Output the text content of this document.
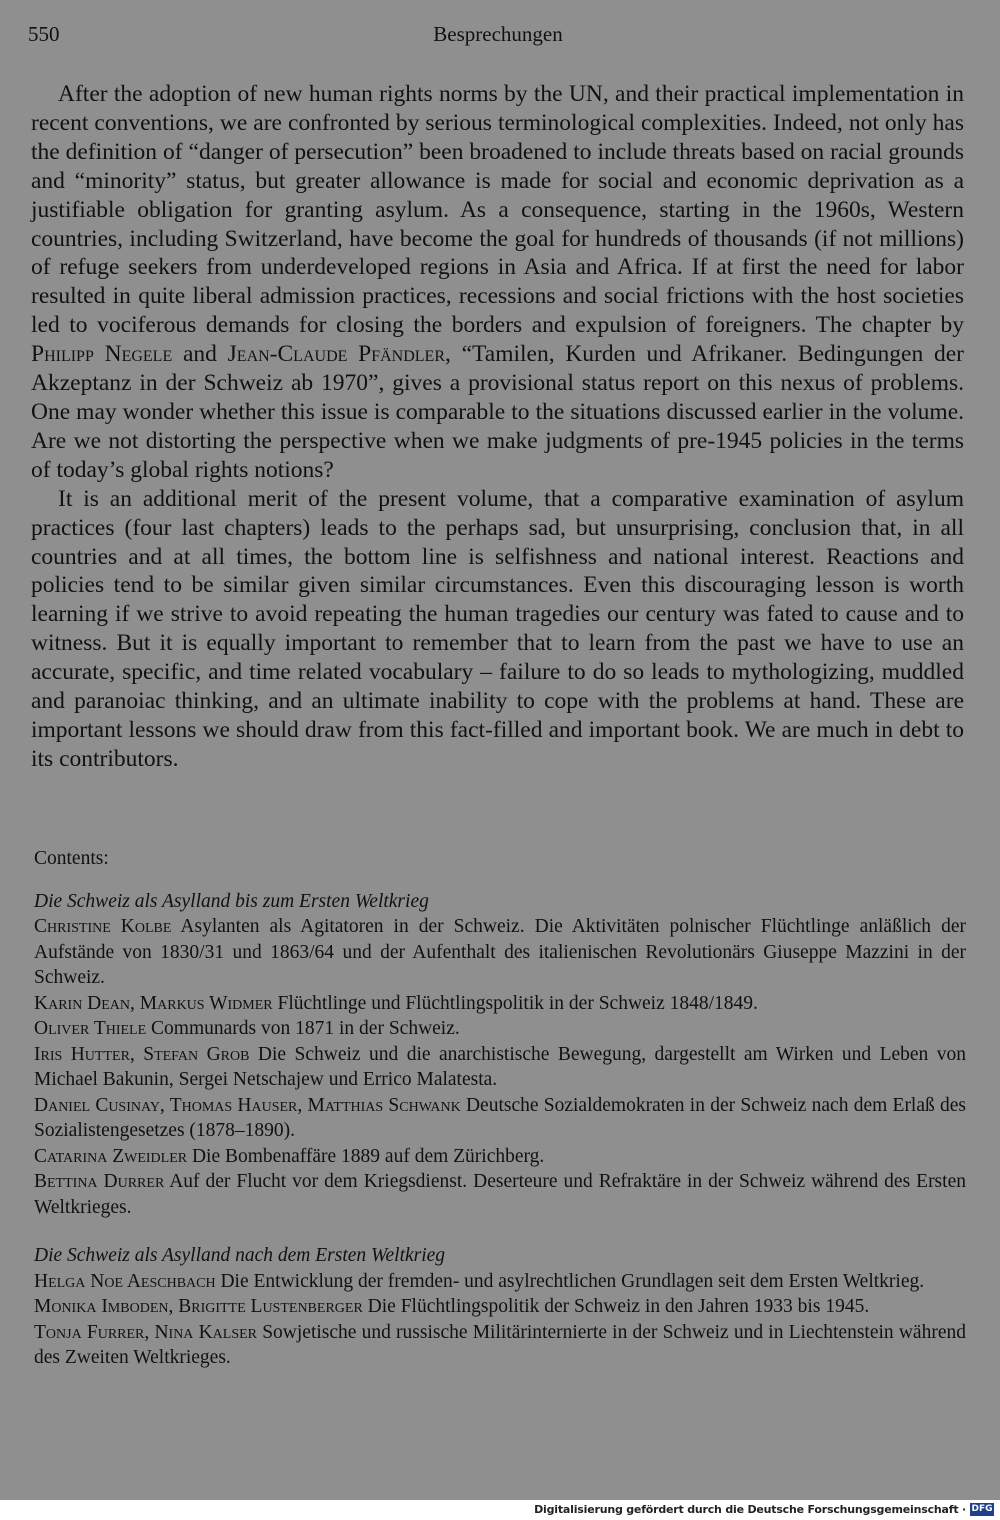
550	Besprechungen

After the adoption of new human rights norms by the UN, and their practical implementation in recent conventions, we are confronted by serious terminological complexities. Indeed, not only has the definition of “danger of persecution” been broadened to include threats based on racial grounds and “minority” status, but greater allowance is made for social and economic deprivation as a justifiable obligation for granting asylum. As a consequence, starting in the 1960s, Western countries, including Switzerland, have become the goal for hundreds of thousands (if not millions) of refuge seekers from underdeveloped regions in Asia and Africa. If at first the need for labor resulted in quite liberal admission practices, recessions and social frictions with the host societies led to vociferous demands for closing the borders and expulsion of foreigners. The chapter by Philipp Negele and Jean-Claude Pfändler, “Tamilen, Kurden und Afrikaner. Bedingungen der Akzeptanz in der Schweiz ab 1970”, gives a provisional status report on this nexus of problems. One may wonder whether this issue is comparable to the situations discussed earlier in the volume. Are we not distorting the perspective when we make judgments of pre-1945 policies in the terms of today’s global rights notions?

It is an additional merit of the present volume, that a comparative examination of asylum practices (four last chapters) leads to the perhaps sad, but unsurprising, conclusion that, in all countries and at all times, the bottom line is selfishness and national interest. Reactions and policies tend to be similar given similar circumstances. Even this discouraging lesson is worth learning if we strive to avoid repeating the human tragedies our century was fated to cause and to witness. But it is equally important to remember that to learn from the past we have to use an accurate, specific, and time related vocabulary – failure to do so leads to mythologizing, muddled and paranoiac thinking, and an ultimate inability to cope with the problems at hand. These are important lessons we should draw from this fact-filled and important book. We are much in debt to its contributors.

Contents:

Die Schweiz als Asylland bis zum Ersten Weltkrieg

Christine Kolbe Asylanten als Agitatoren in der Schweiz. Die Aktivitäten polnischer Flüchtlinge anläßlich der Aufstände von 1830/31 und 1863/64 und der Aufenthalt des italienischen Revolutionärs Giuseppe Mazzini in der Schweiz.

Karin Dean, Markus Widmer Flüchtlinge und Flüchtlingspolitik in der Schweiz 1848/1849.

Oliver Thiele Communards von 1871 in der Schweiz.

Iris Hutter, Stefan Grob Die Schweiz und die anarchistische Bewegung, dargestellt am Wirken und Leben von Michael Bakunin, Sergei Netschajew und Errico Malatesta.

Daniel Cusinay, Thomas Hauser, Matthias Schwank Deutsche Sozialdemokraten in der Schweiz nach dem Erlaß des Sozialistengesetzes (1878–1890).

Catarina Zweidler Die Bombenaffäre 1889 auf dem Zürichberg.

Bettina Durrer Auf der Flucht vor dem Kriegsdienst. Deserteure und Refraktäre in der Schweiz während des Ersten Weltkrieges.

Die Schweiz als Asylland nach dem Ersten Weltkrieg

Helga Noe Aeschbach Die Entwicklung der fremden- und asylrechtlichen Grundlagen seit dem Ersten Weltkrieg.

Monika Imboden, Brigitte Lustenberger Die Flüchtlingspolitik der Schweiz in den Jahren 1933 bis 1945.

Tonja Furrer, Nina Kalser Sowjetische und russische Militärinternierte in der Schweiz und in Liechtenstein während des Zweiten Weltkrieges.

Digitalisierung gefördert durch die Deutsche Forschungsgemeinschaft · DFG
